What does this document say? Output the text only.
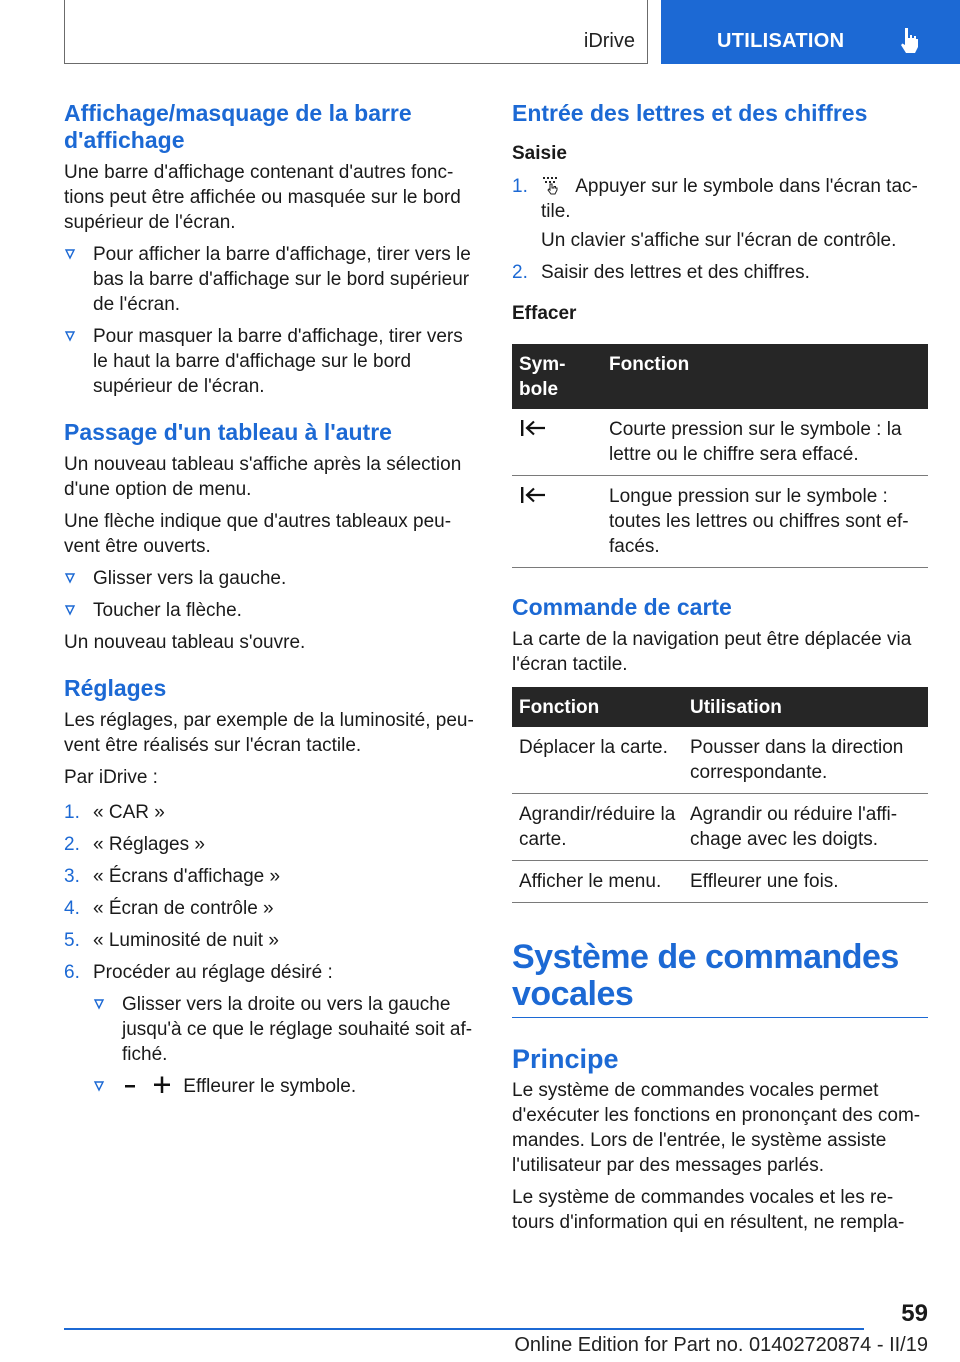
iDrive	UTILISATION
Affichage/masquage de la barre d'affichage

Une barre d'affichage contenant d'autres fonc-tions peut être affichée ou masquée sur le bord supérieur de l'écran.

Pour afficher la barre d'affichage, tirer vers le bas la barre d'affichage sur le bord supérieur de l'écran.
Pour masquer la barre d'affichage, tirer vers le haut la barre d'affichage sur le bord supérieur de l'écran.
Passage d'un tableau à l'autre

Un nouveau tableau s'affiche après la sélection d'une option de menu.

Une flèche indique que d'autres tableaux peu-vent être ouverts.

Glisser vers la gauche.
Toucher la flèche.

Un nouveau tableau s'ouvre.

Réglages

Les réglages, par exemple de la luminosité, peu-vent être réalisés sur l'écran tactile.

Par iDrive :

1. « CAR »
2. « Réglages »
3. « Écrans d'affichage »
4. « Écran de contrôle »
5. « Luminosité de nuit »
6. Procéder au réglage désiré :
Glisser vers la droite ou vers la gauche jusqu'à ce que le réglage souhaité soit af-fiché.
Effleurer le symbole.
Entrée des lettres et des chiffres
Saisie
1. Appuyer sur le symbole dans l'écran tac-tile.

Un clavier s'affiche sur l'écran de contrôle.

2. Saisir des lettres et des chiffres.
Effacer
Sym-bole	Fonction
	Courte pression sur le symbole : la lettre ou le chiffre sera effacé.
	Longue pression sur le symbole : toutes les lettres ou chiffres sont ef-facés.
Commande de carte

La carte de la navigation peut être déplacée via l'écran tactile.

Fonction	Utilisation
Déplacer la carte.	Pousser dans la direction correspondante.
Agrandir/réduire la carte.	Agrandir ou réduire l'affi-chage avec les doigts.
Afficher le menu.	Effleurer une fois.
Système de commandes vocales
Principe

Le système de commandes vocales permet d'exécuter les fonctions en prononçant des com-mandes. Lors de l'entrée, le système assiste l'utilisateur par des messages parlés.

Le système de commandes vocales et les re-tours d'information qui en résultent, ne rempla-

59
Online Edition for Part no. 01402720874 - II/19
